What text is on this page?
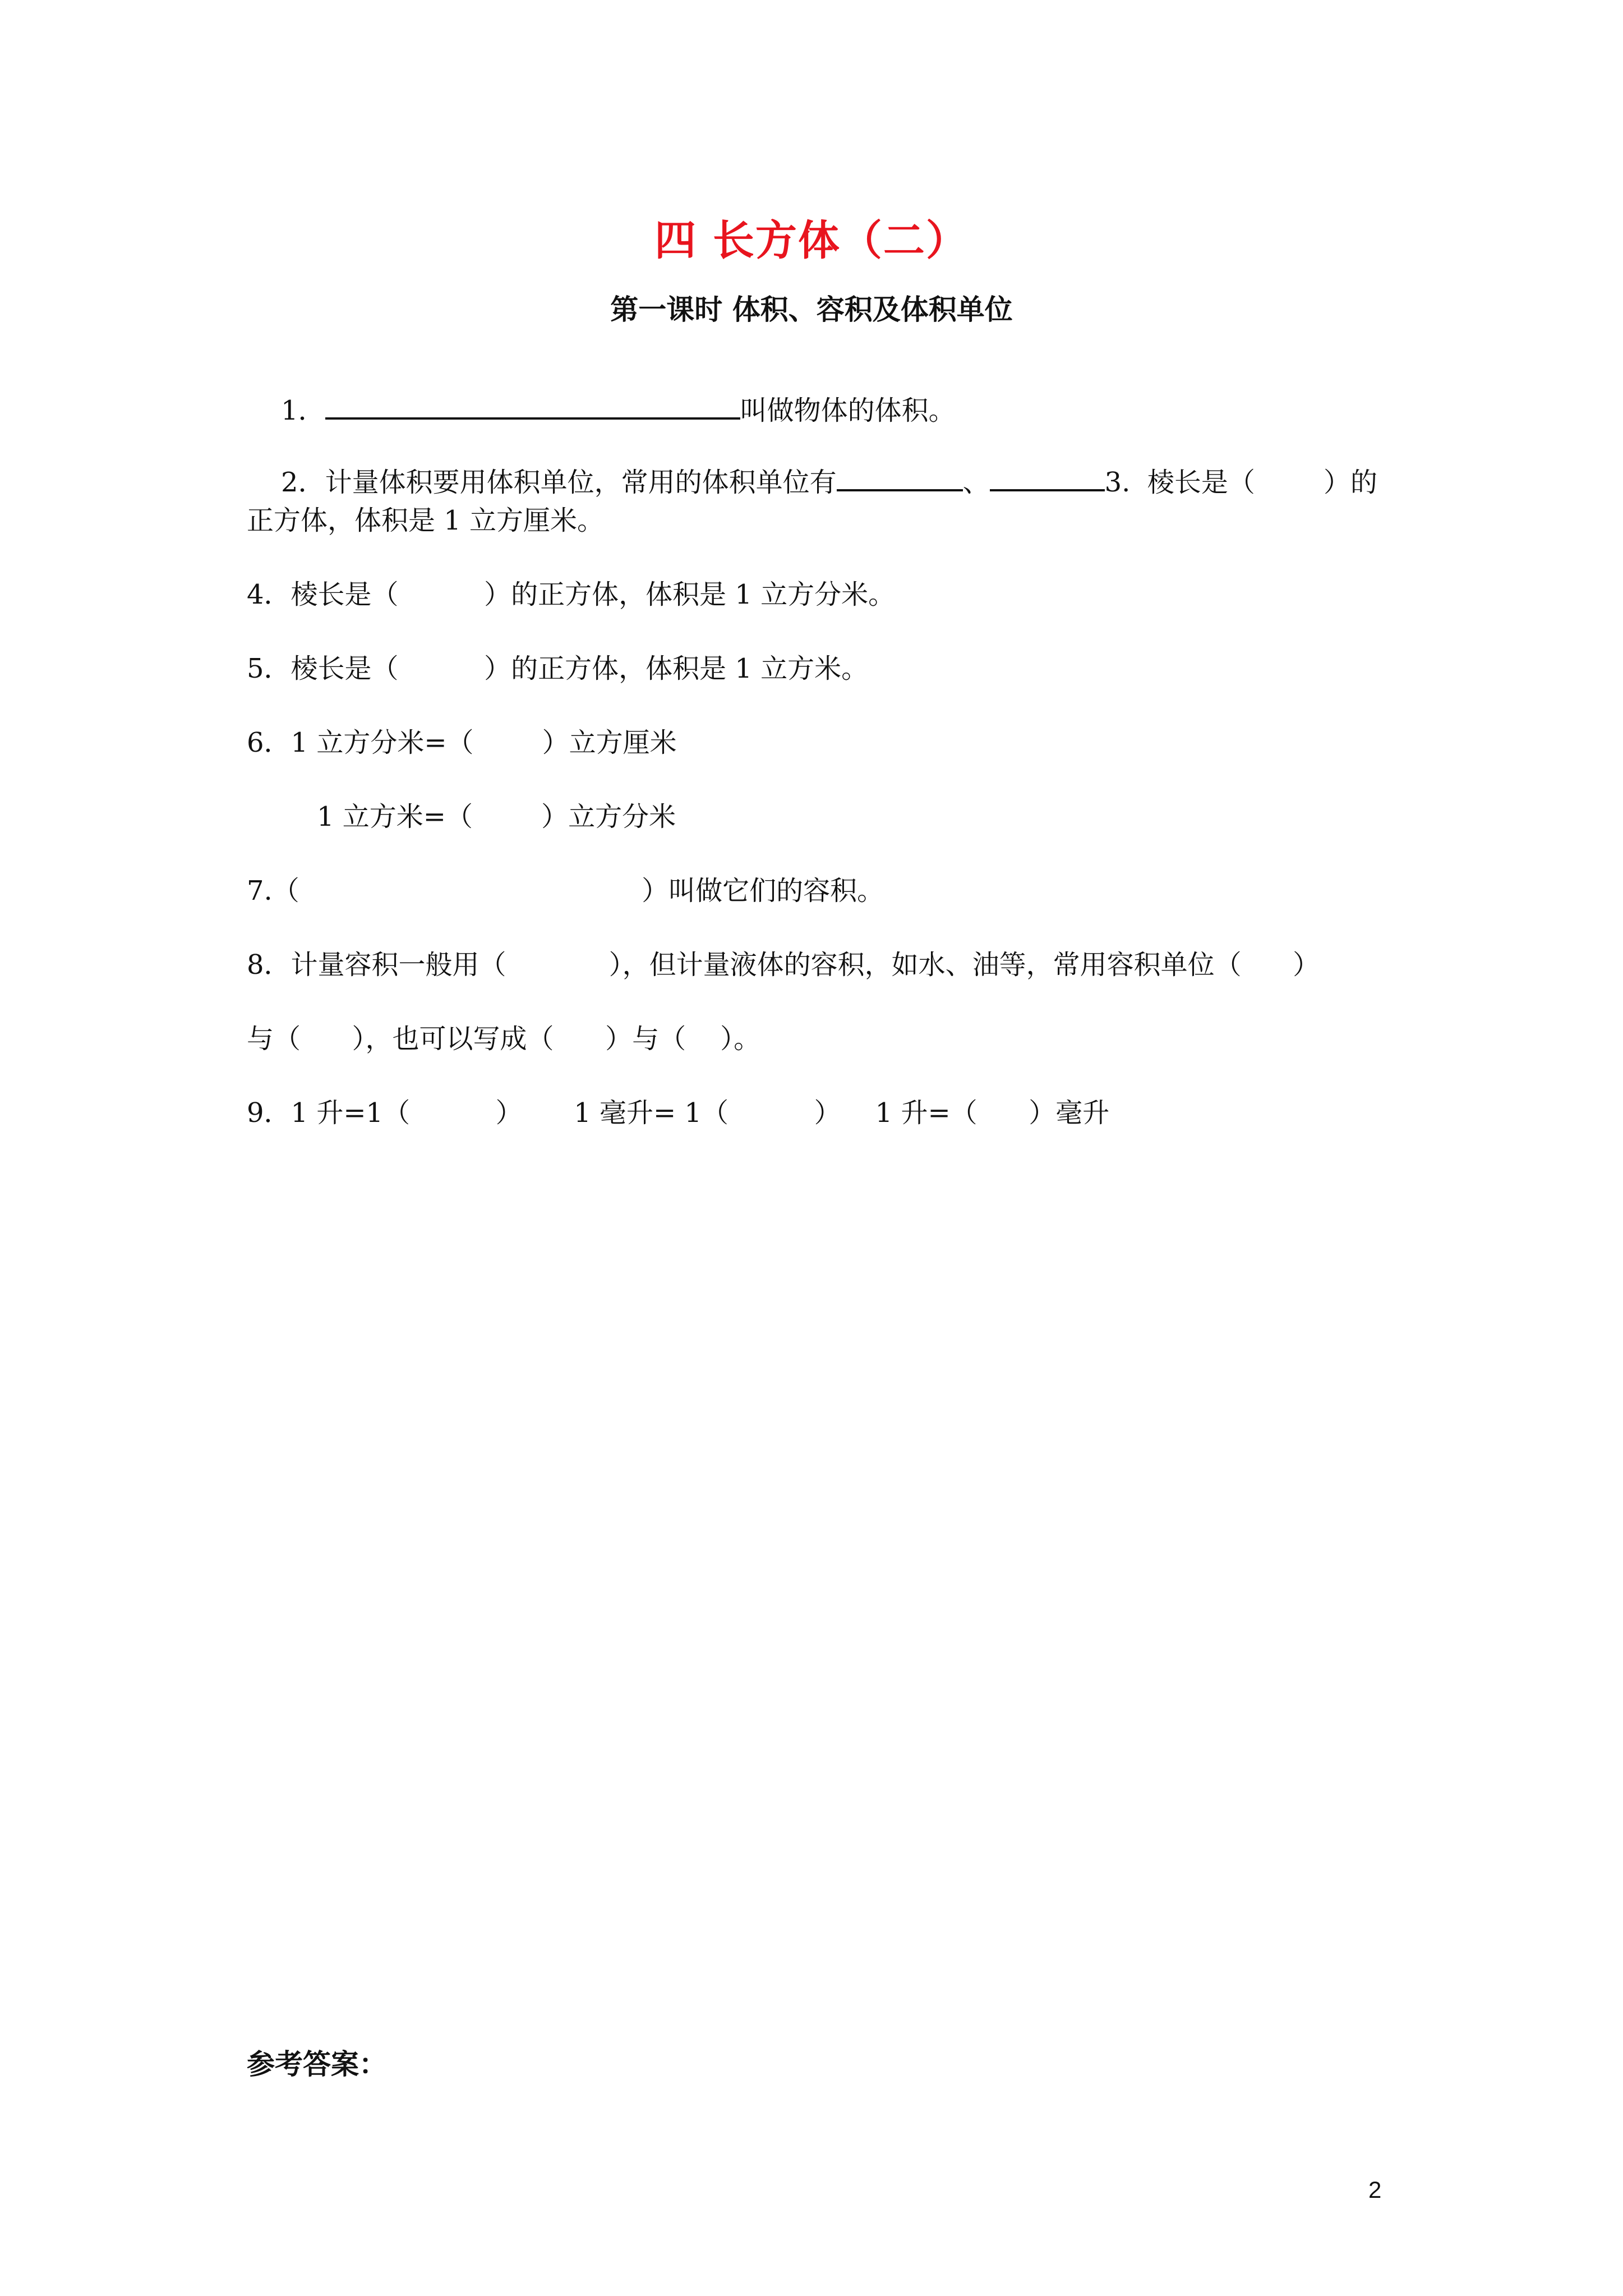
四 长方体（二）
第一课时 体积、容积及体积单位

1．	叫做物体的体积。

2．计量体积要用体积单位，常用的体积单位有	、	3.  棱长是（        ）的

正方体，体积是 1 立方厘米。
4．棱长是（          ）的正方体，体积是 1 立方分米。
5．棱长是（          ）的正方体，体积是 1 立方米。
6．1 立方分米=（        ）立方厘米
1 立方米=（        ）立方分米
7.（                                        ）叫做它们的容积。
8．计量容积一般用（            ），但计量液体的容积，如水、油等，常用容积单位（      ）
与（      ），也可以写成（      ）与（    ）。
9．1 升=1（          ）      1 毫升= 1（          ）    1 升=（      ）毫升
参考答案：
2
